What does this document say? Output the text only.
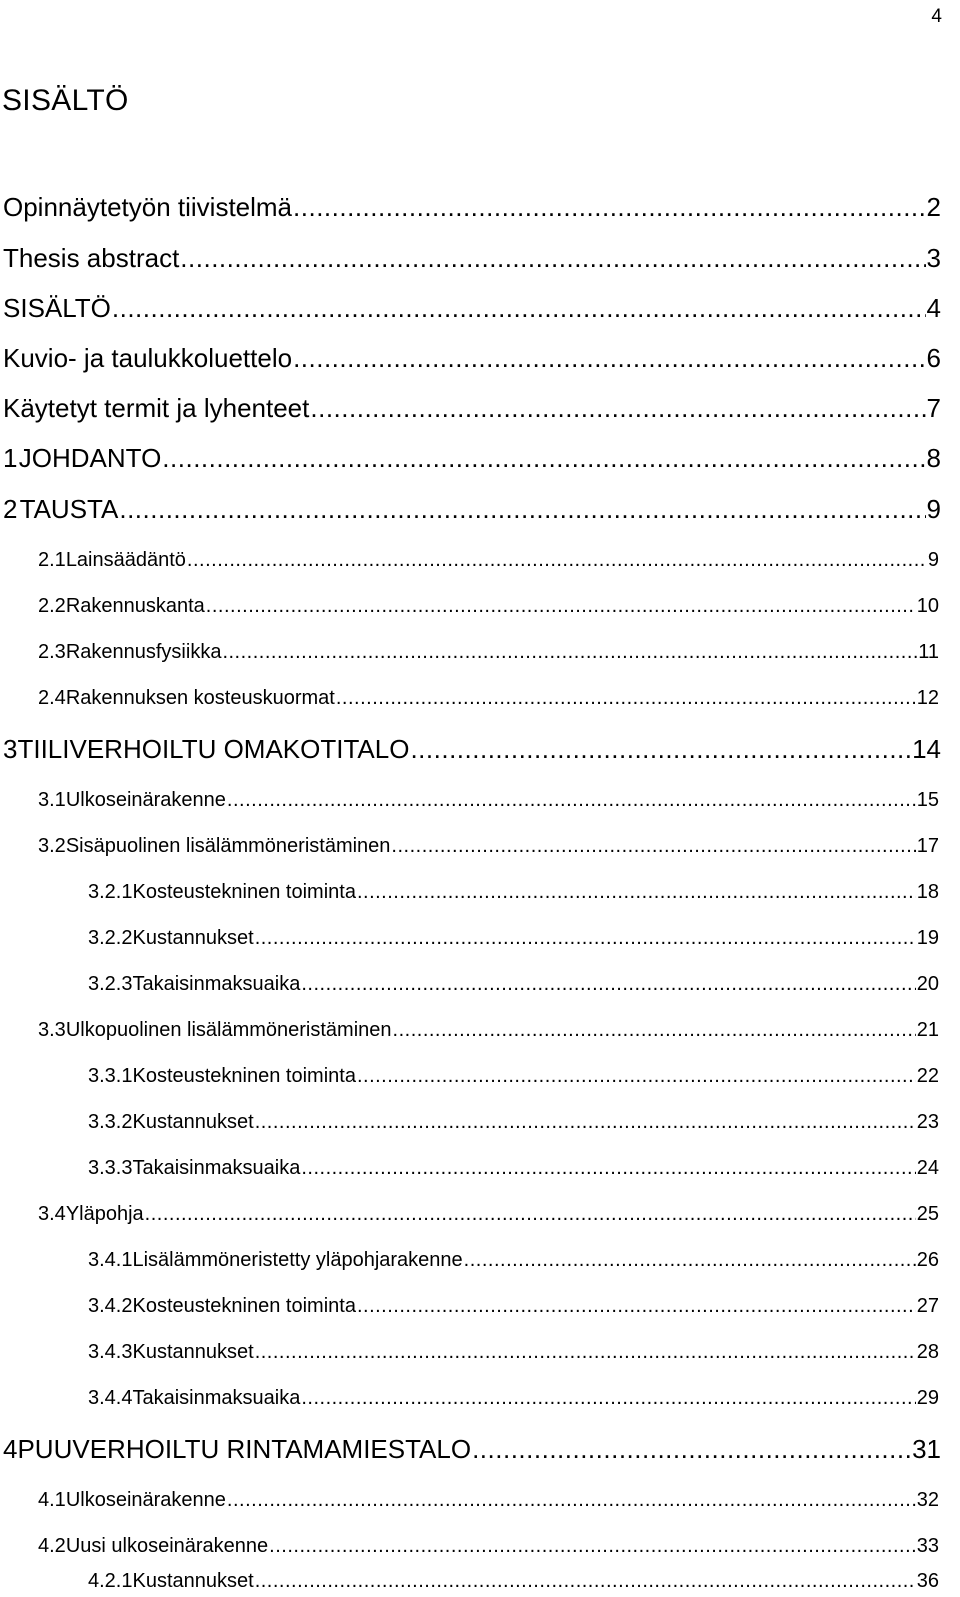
4
SISÄLTÖ
Opinnäytetyön tiivistelmä .....	2
Thesis abstract .....	3
SISÄLTÖ .....	4
Kuvio- ja taulukkoluettelo .....	6
Käytetyt termit ja lyhenteet .....	7
1 JOHDANTO .....	8
2 TAUSTA .....	9
2.1 Lainsäädäntö .....	9
2.2 Rakennuskanta .....	10
2.3 Rakennusfysiikka .....	11
2.4 Rakennuksen kosteuskuormat .....	12
3 TIILIVERHOILTU OMAKOTITALO .....	14
3.1 Ulkoseinärakenne .....	15
3.2 Sisäpuolinen lisälämmöneristäminen .....	17
3.2.1 Kosteustekninen toiminta .....	18
3.2.2 Kustannukset .....	19
3.2.3 Takaisinmaksuaika .....	20
3.3 Ulkopuolinen lisälämmöneristäminen .....	21
3.3.1 Kosteustekninen toiminta .....	22
3.3.2 Kustannukset .....	23
3.3.3 Takaisinmaksuaika .....	24
3.4 Yläpohja .....	25
3.4.1 Lisälämmöneristetty yläpohjarakenne .....	26
3.4.2 Kosteustekninen toiminta .....	27
3.4.3 Kustannukset .....	28
3.4.4 Takaisinmaksuaika .....	29
4 PUUVERHOILTU RINTAMAMIESTALO .....	31
4.1 Ulkoseinärakenne .....	32
4.2 Uusi ulkoseinärakenne .....	33
4.2.1 Kustannukset .....	36
